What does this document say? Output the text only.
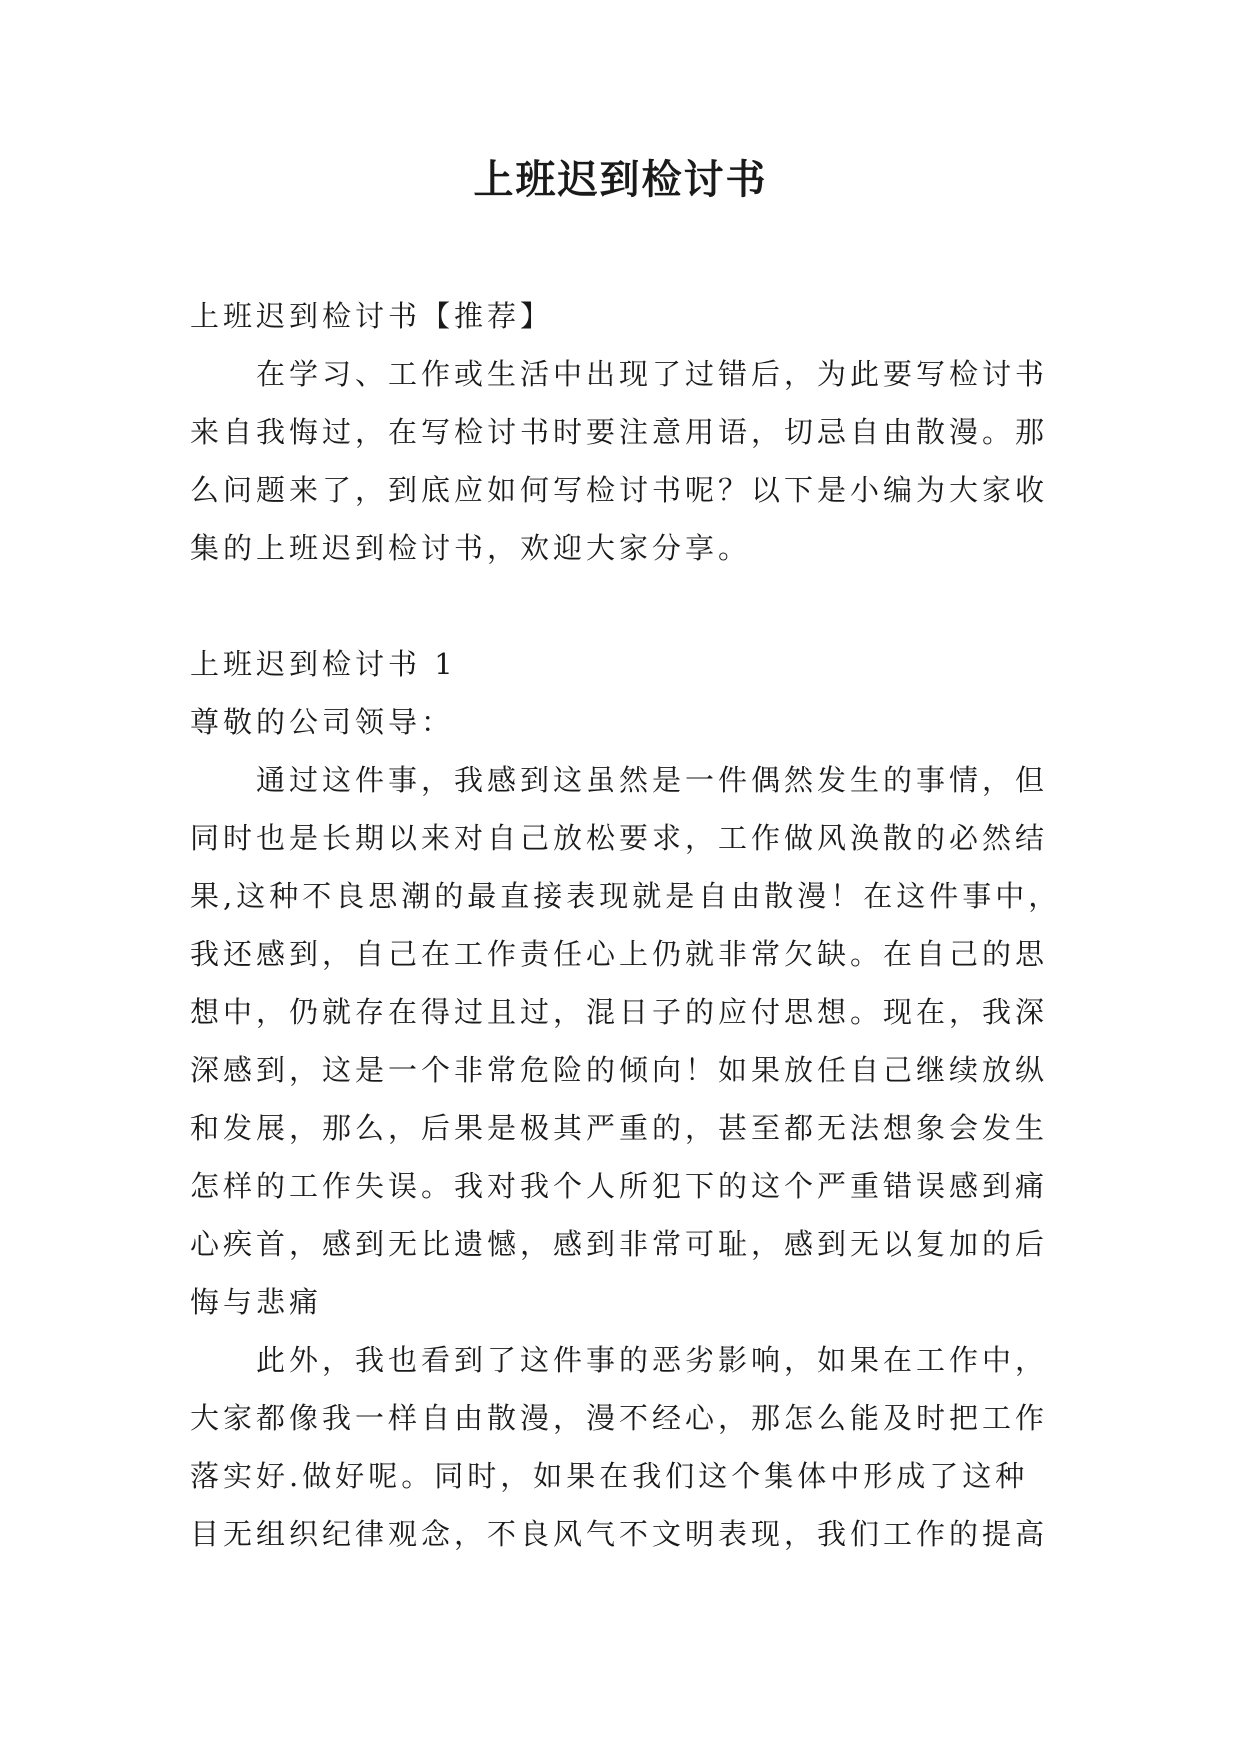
上班迟到检讨书

上班迟到检讨书【推荐】

在学习、工作或生活中出现了过错后，为此要写检讨书

来自我悔过，在写检讨书时要注意用语，切忌自由散漫。那

么问题来了，到底应如何写检讨书呢？以下是小编为大家收

集的上班迟到检讨书，欢迎大家分享。

上班迟到检讨书 1

尊敬的公司领导：

通过这件事，我感到这虽然是一件偶然发生的事情，但

同时也是长期以来对自己放松要求，工作做风涣散的必然结

果,这种不良思潮的最直接表现就是自由散漫！在这件事中，

我还感到，自己在工作责任心上仍就非常欠缺。在自己的思

想中，仍就存在得过且过，混日子的应付思想。现在，我深

深感到，这是一个非常危险的倾向！如果放任自己继续放纵

和发展，那么，后果是极其严重的，甚至都无法想象会发生

怎样的工作失误。我对我个人所犯下的这个严重错误感到痛

心疾首，感到无比遗憾，感到非常可耻，感到无以复加的后

悔与悲痛

此外，我也看到了这件事的恶劣影响，如果在工作中，

大家都像我一样自由散漫，漫不经心，那怎么能及时把工作

落实好.做好呢。同时，如果在我们这个集体中形成了这种

目无组织纪律观念，不良风气不文明表现，我们工作的提高
